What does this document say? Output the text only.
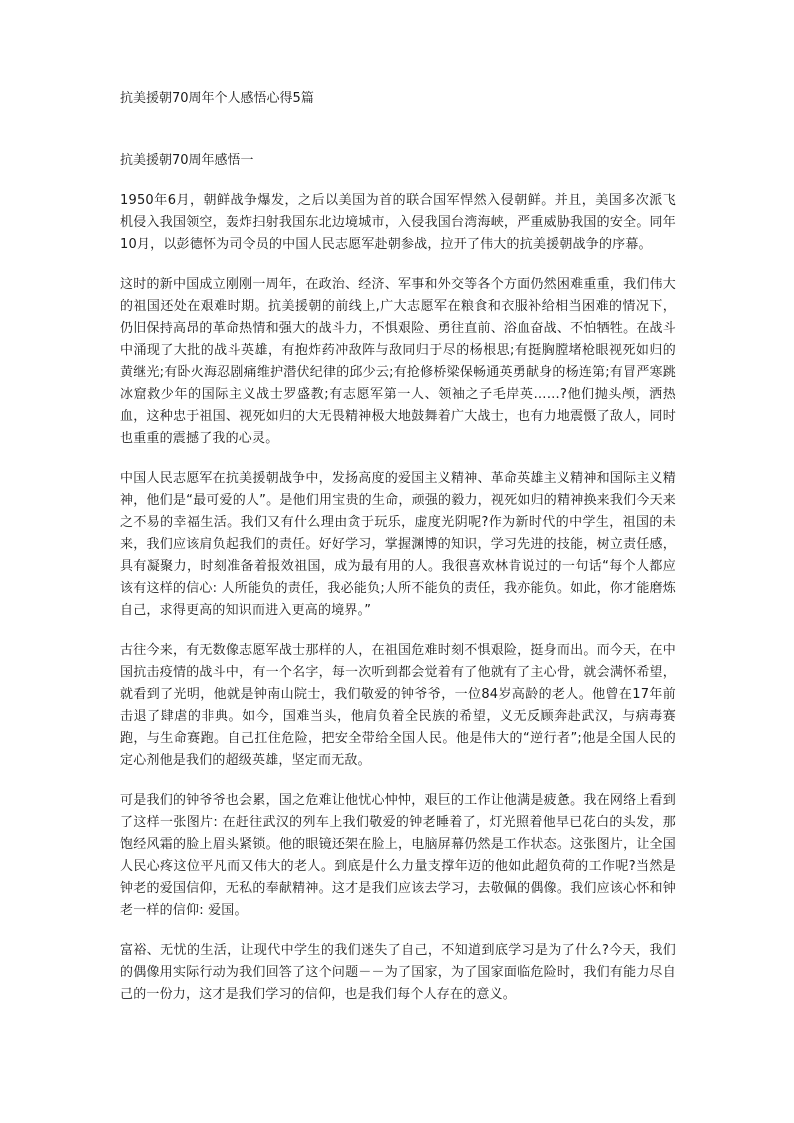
抗美援朝70周年个人感悟心得5篇
抗美援朝70周年感悟一

1950年6月，朝鲜战争爆发，之后以美国为首的联合国军悍然入侵朝鲜。并且，美国多次派飞机侵入我国领空，轰炸扫射我国东北边境城市，入侵我国台湾海峡，严重威胁我国的安全。同年10月，以彭德怀为司令员的中国人民志愿军赴朝参战，拉开了伟大的抗美援朝战争的序幕。

这时的新中国成立刚刚一周年，在政治、经济、军事和外交等各个方面仍然困难重重，我们伟大的祖国还处在艰难时期。抗美援朝的前线上,广大志愿军在粮食和衣服补给相当困难的情况下，仍旧保持高昂的革命热情和强大的战斗力，不惧艰险、勇往直前、浴血奋战、不怕牺牲。在战斗中涌现了大批的战斗英雄，有抱炸药冲敌阵与敌同归于尽的杨根思;有挺胸膛堵枪眼视死如归的黄继光;有卧火海忍剧痛维护潜伏纪律的邱少云;有抢修桥梁保畅通英勇献身的杨连第;有冒严寒跳冰窟救少年的国际主义战士罗盛教;有志愿军第一人、领袖之子毛岸英……?他们抛头颅，洒热血，这种忠于祖国、视死如归的大无畏精神极大地鼓舞着广大战士，也有力地震慑了敌人，同时也重重的震撼了我的心灵。

中国人民志愿军在抗美援朝战争中，发扬高度的爱国主义精神、革命英雄主义精神和国际主义精神，他们是“最可爱的人”。是他们用宝贵的生命，顽强的毅力，视死如归的精神换来我们今天来之不易的幸福生活。我们又有什么理由贪于玩乐，虚度光阴呢?作为新时代的中学生，祖国的未来，我们应该肩负起我们的责任。好好学习，掌握渊博的知识，学习先进的技能，树立责任感，具有凝聚力，时刻准备着报效祖国，成为最有用的人。我很喜欢林肯说过的一句话“每个人都应该有这样的信心: 人所能负的责任，我必能负;人所不能负的责任，我亦能负。如此，你才能磨炼自己，求得更高的知识而进入更高的境界。”

古往今来，有无数像志愿军战士那样的人，在祖国危难时刻不惧艰险，挺身而出。而今天，在中国抗击疫情的战斗中，有一个名字，每一次听到都会觉着有了他就有了主心骨，就会满怀希望，就看到了光明，他就是钟南山院士，我们敬爱的钟爷爷，一位84岁高龄的老人。他曾在17年前击退了肆虐的非典。如今，国难当头，他肩负着全民族的希望，义无反顾奔赴武汉，与病毒赛跑，与生命赛跑。自己扛住危险，把安全带给全国人民。他是伟大的“逆行者”;他是全国人民的定心剂他是我们的超级英雄，坚定而无敌。

可是我们的钟爷爷也会累，国之危难让他忧心忡忡，艰巨的工作让他满是疲惫。我在网络上看到了这样一张图片: 在赶往武汉的列车上我们敬爱的钟老睡着了，灯光照着他早已花白的头发，那饱经风霜的脸上眉头紧锁。他的眼镜还架在脸上，电脑屏幕仍然是工作状态。这张图片，让全国人民心疼这位平凡而又伟大的老人。到底是什么力量支撑年迈的他如此超负荷的工作呢?当然是钟老的爱国信仰，无私的奉献精神。这才是我们应该去学习，去敬佩的偶像。我们应该心怀和钟老一样的信仰: 爱国。

富裕、无忧的生活，让现代中学生的我们迷失了自己，不知道到底学习是为了什么?今天，我们的偶像用实际行动为我们回答了这个问题－－为了国家，为了国家面临危险时，我们有能力尽自己的一份力，这才是我们学习的信仰，也是我们每个人存在的意义。
